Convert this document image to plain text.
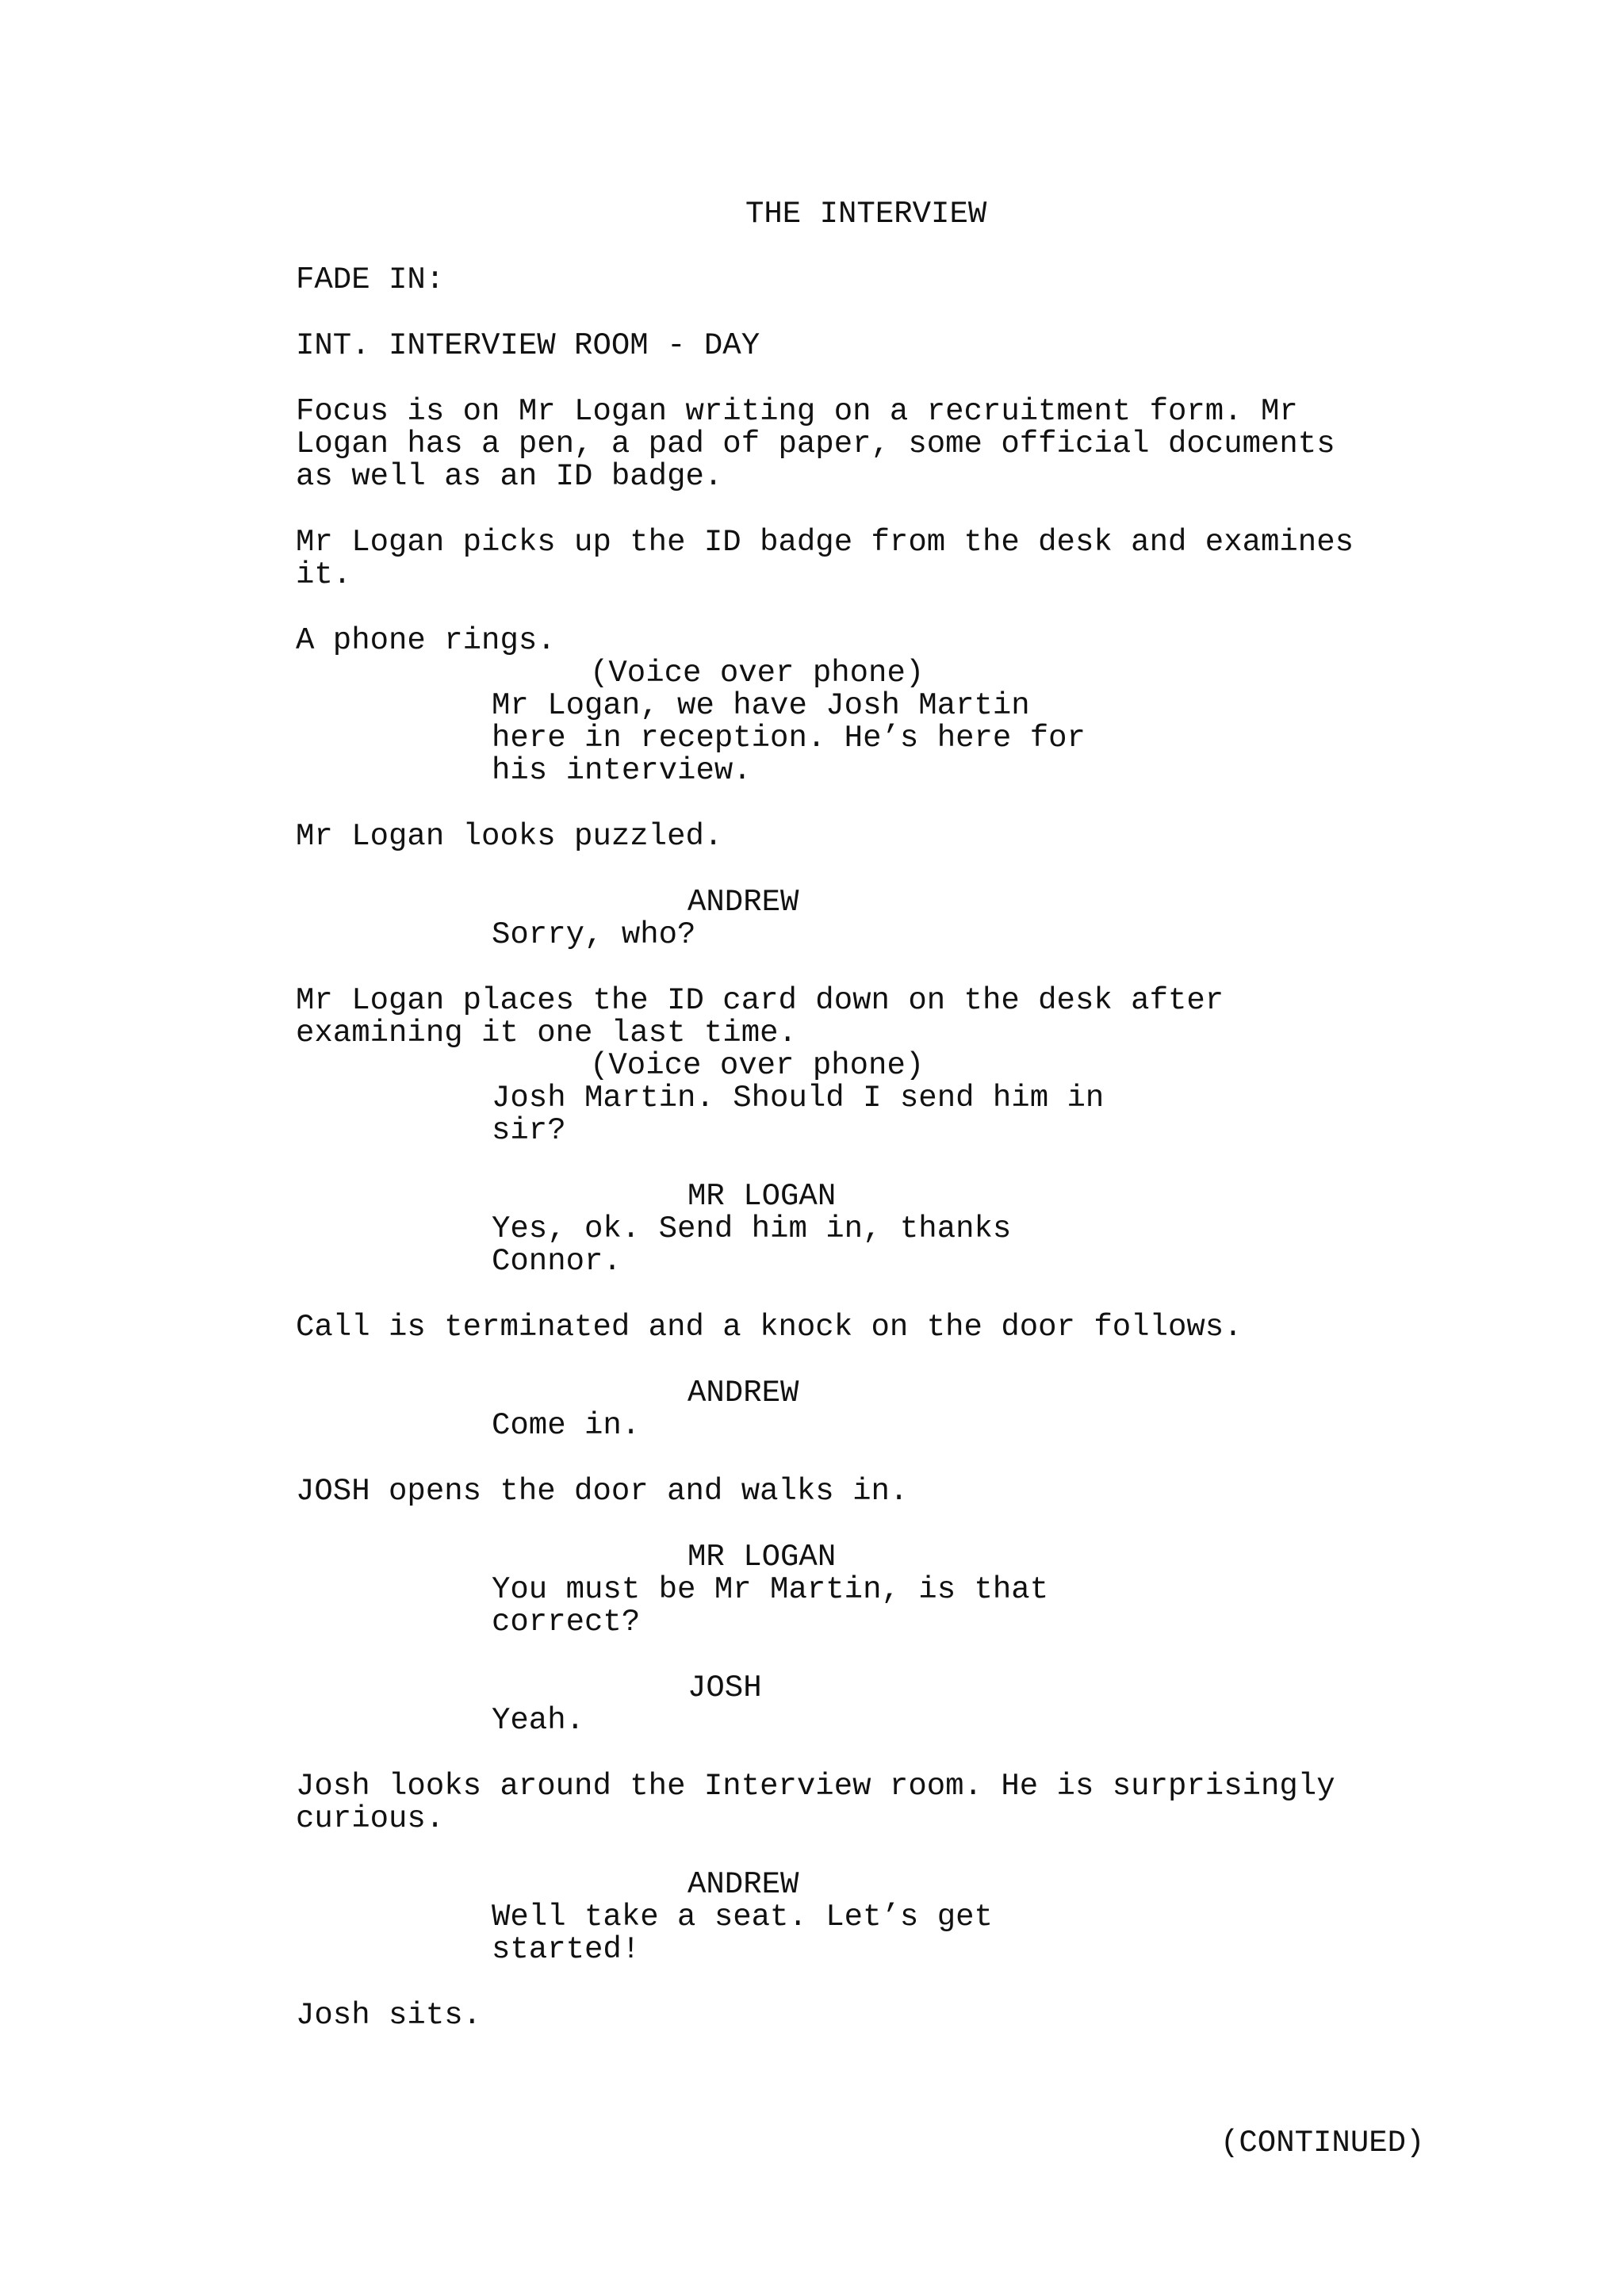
THE INTERVIEW
FADE IN:
INT. INTERVIEW ROOM - DAY
Focus is on Mr Logan writing on a recruitment form. Mr
Logan has a pen, a pad of paper, some official documents
as well as an ID badge.
Mr Logan picks up the ID badge from the desk and examines
it.
A phone rings.
(Voice over phone)
Mr Logan, we have Josh Martin
here in reception. He’s here for
his interview.
Mr Logan looks puzzled.
ANDREW
Sorry, who?
Mr Logan places the ID card down on the desk after
examining it one last time.
(Voice over phone)
Josh Martin. Should I send him in
sir?
MR LOGAN
Yes, ok. Send him in, thanks
Connor.
Call is terminated and a knock on the door follows.
ANDREW
Come in.
JOSH opens the door and walks in.
MR LOGAN
You must be Mr Martin, is that
correct?
JOSH
Yeah.
Josh looks around the Interview room. He is surprisingly
curious.
ANDREW
Well take a seat. Let’s get
started!
Josh sits.
(CONTINUED)
